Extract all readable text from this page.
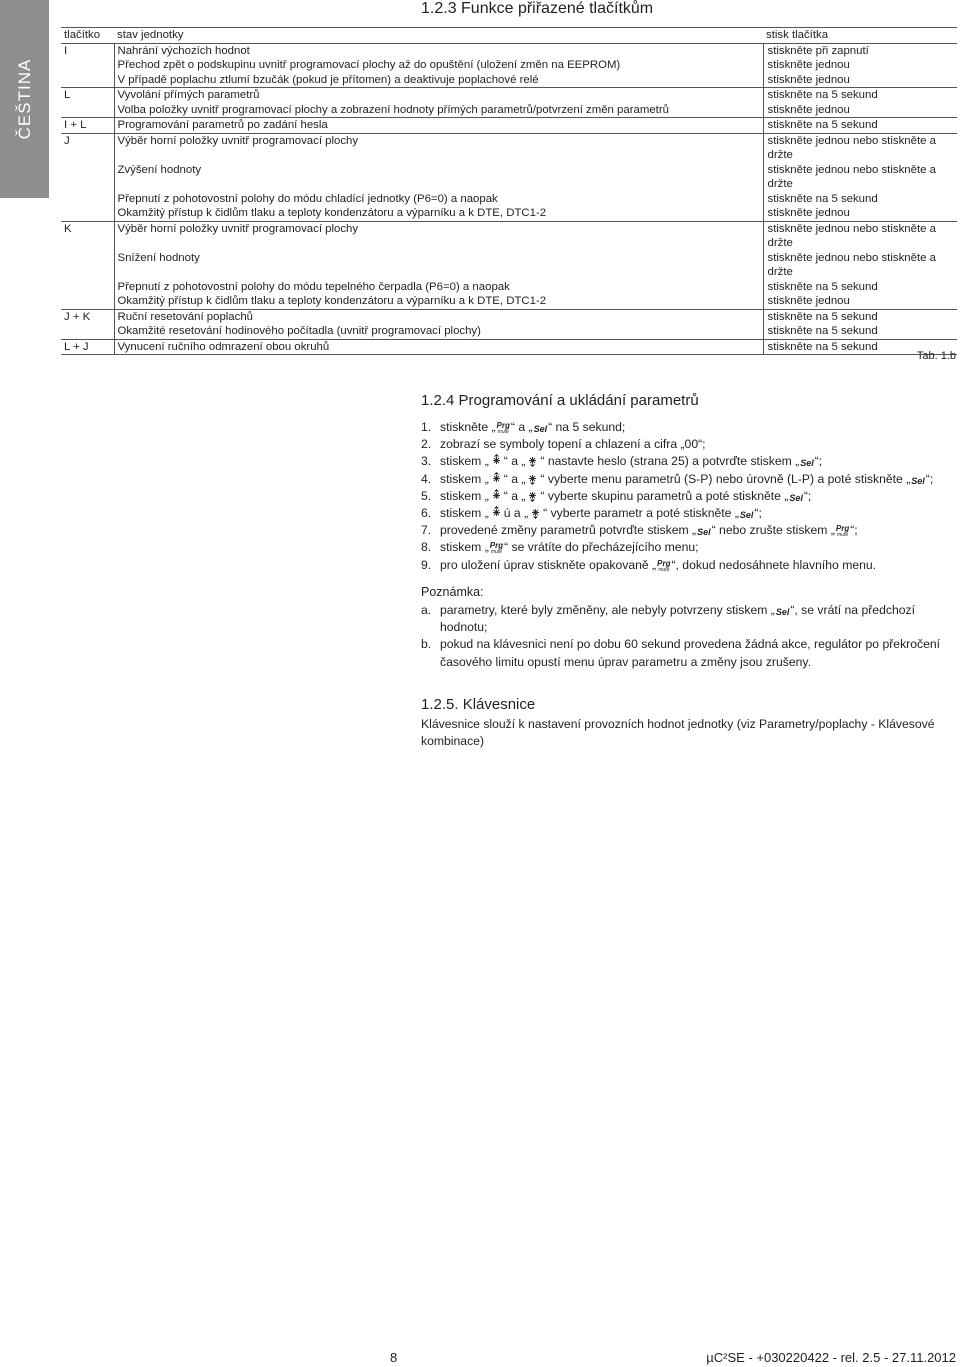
ČEŠTINA
1.2.3 Funkce přiřazené tlačítkům
tlačítko	stav jednotky	stisk tlačítka
I	Nahrání výchozích hodnot	stiskněte při zapnutí
	Přechod zpět o podskupinu uvnitř programovací plochy až do opuštění (uložení změn na EEPROM)	stiskněte jednou
	V případě poplachu ztlumí bzučák (pokud je přítomen) a deaktivuje poplachové relé	stiskněte jednou
L	Vyvolání přímých parametrů	stiskněte na 5 sekund
	Volba položky uvnitř programovací plochy a zobrazení hodnoty přímých parametrů/potvrzení změn parametrů	stiskněte jednou
I + L	Programování parametrů po zadání hesla	stiskněte na 5 sekund
J	Výběr horní položky uvnitř programovací plochy	stiskněte jednou nebo stiskněte a držte
	Zvýšení hodnoty	stiskněte jednou nebo stiskněte a držte
	Přepnutí z pohotovostní polohy do módu chladící jednotky (P6=0) a naopak	stiskněte na 5 sekund
	Okamžitý přístup k čidlům tlaku a teploty kondenzátoru a výparníku a k DTE, DTC1-2	stiskněte jednou
K	Výběr horní položky uvnitř programovací plochy	stiskněte jednou nebo stiskněte a držte
	Snížení hodnoty	stiskněte jednou nebo stiskněte a držte
	Přepnutí z pohotovostní polohy do módu tepelného čerpadla (P6=0) a naopak	stiskněte na 5 sekund
	Okamžitý přístup k čidlům tlaku a teploty kondenzátoru a výparníku a k DTE, DTC1-2	stiskněte jednou
J + K	Ruční resetování poplachů	stiskněte na 5 sekund
	Okamžité resetování hodinového počítadla (uvnitř programovací plochy)	stiskněte na 5 sekund
L + J	Vynucení ručního odmrazení obou okruhů	stiskněte na 5 sekund
Tab. 1.b
1.2.4 Programování a ukládání parametrů
1. stiskněte „Prg
mute “ a „Sel“ na 5 sekund;
2. zobrazí se symboly topení a chlazení a cifra „00“;
3. stiskem „ “ a „ “ nastavte heslo (strana 25) a potvrďte stiskem „Sel“;
4. stiskem „ “ a „ “ vyberte menu parametrů (S-P) nebo úrovně (L-P) a poté stiskněte „Sel“;
5. stiskem „ “ a „ “ vyberte skupinu parametrů a poté stiskněte „Sel“;
6. stiskem „ ú a „ “ vyberte parametr a poté stiskněte „Sel“;
7. provedené změny parametrů potvrďte stiskem „Sel“ nebo zrušte stiskem „Prg
mute “;
8. stiskem „Prg
mute “ se vrátíte do přecházejícího menu;
9. pro uložení úprav stiskněte opakovaně „Prg
mute “, dokud nedosáhnete hlavního menu.
Poznámka:
a. parametry, které byly změněny, ale nebyly potvrzeny stiskem „Sel“, se vrátí na předchozí hodnotu;
b. pokud na klávesnici není po dobu 60 sekund provedena žádná akce, regulátor po překročení časového limitu opustí menu úprav parametru a změny jsou zrušeny.
1.2.5. Klávesnice
Klávesnice slouží k nastavení provozních hodnot jednotky (viz Parametry/poplachy - Klávesové kombinace)
8	µC²SE - +030220422 - rel. 2.5 - 27.11.2012
